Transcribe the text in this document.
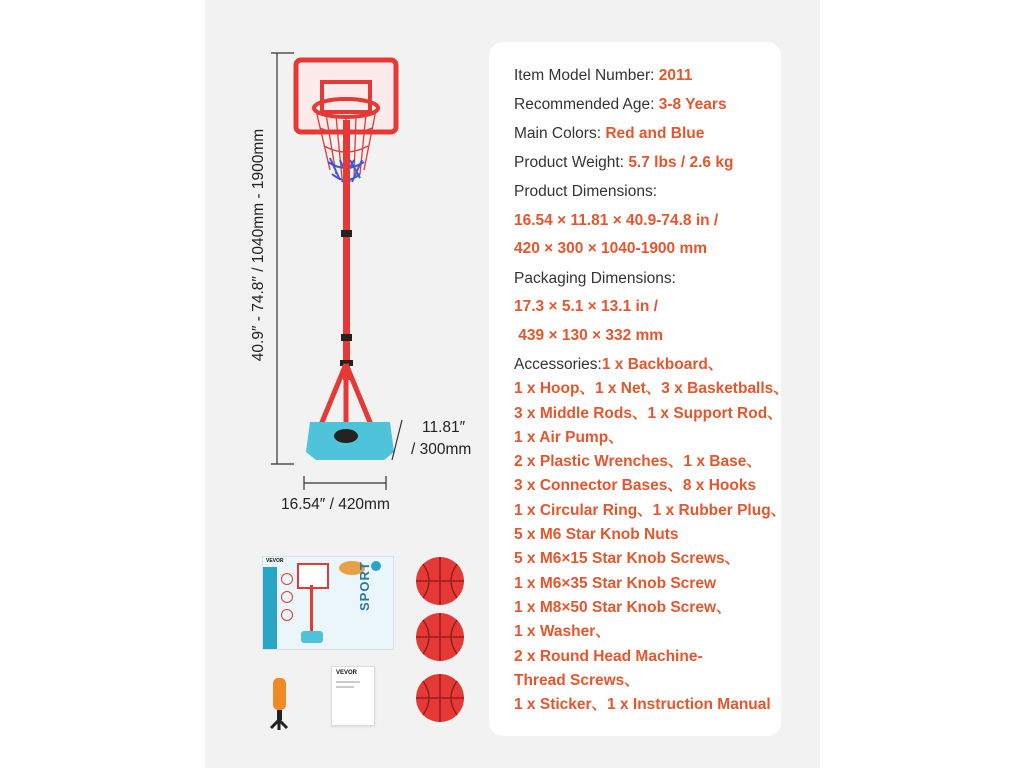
40.9″ - 74.8″ / 1040mm - 1900mm
11.81″
/ 300mm
16.54″ / 420mm
VEVOR
SPORT
VEVOR
Item Model Number: 2011
Recommended Age: 3-8 Years
Main Colors: Red and Blue
Product Weight: 5.7 lbs / 2.6 kg
Product Dimensions:
16.54 × 11.81 × 40.9-74.8 in /
420 × 300 × 1040-1900 mm
Packaging Dimensions:
17.3 × 5.1 × 13.1 in /
439 × 130 × 332 mm
Accessories:1 x Backboard、
1 x Hoop、1 x Net、3 x Basketballs、
3 x Middle Rods、1 x Support Rod、
1 x Air Pump、
2 x Plastic Wrenches、1 x Base、
3 x Connector Bases、8 x Hooks
1 x Circular Ring、1 x Rubber Plug、
5 x M6 Star Knob Nuts
5 x M6×15 Star Knob Screws、
1 x M6×35 Star Knob Screw
1 x M8×50 Star Knob Screw、
1 x Washer、
2 x Round Head Machine-
Thread Screws、
1 x Sticker、1 x Instruction Manual
